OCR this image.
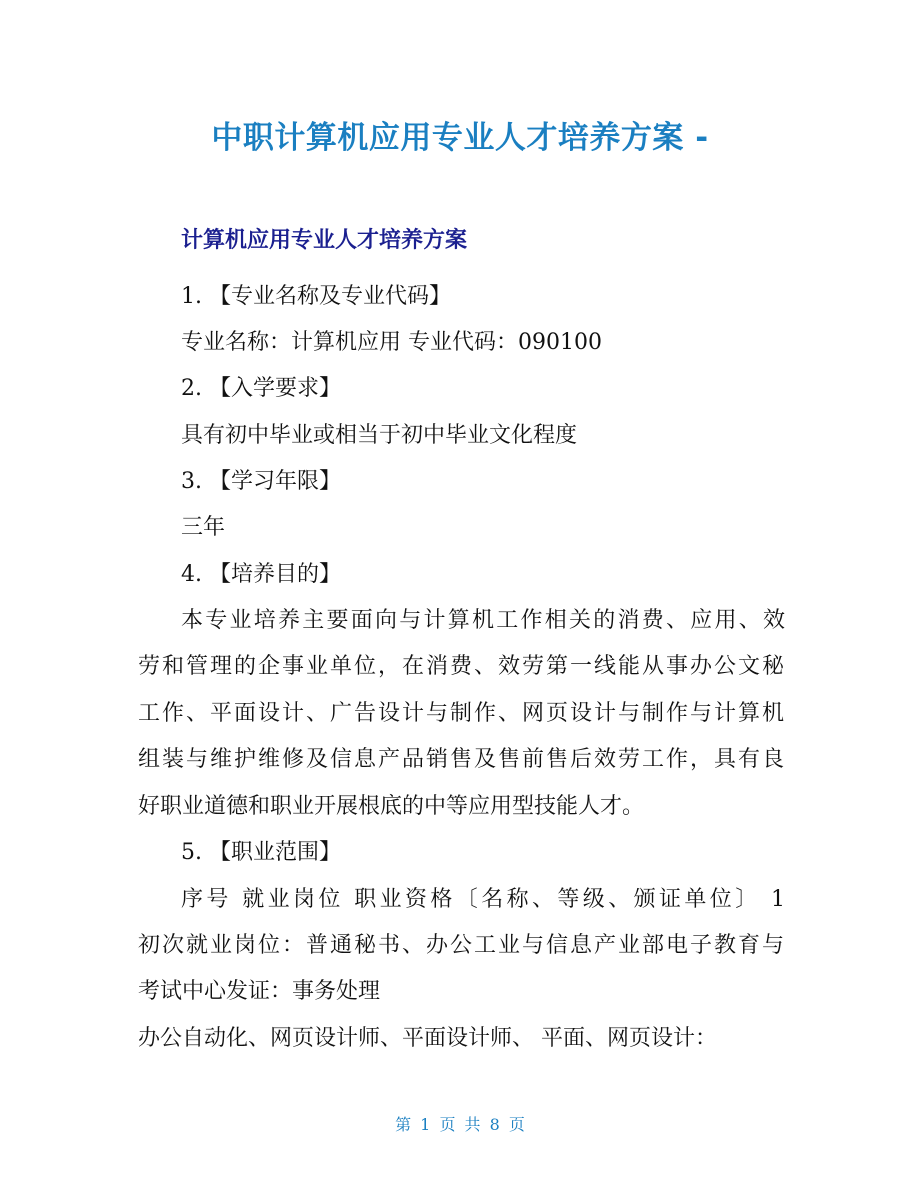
中职计算机应用专业人才培养方案 -
计算机应用专业人才培养方案
1. 【专业名称及专业代码】
专业名称：计算机应用 专业代码：090100
2. 【入学要求】
具有初中毕业或相当于初中毕业文化程度
3. 【学习年限】
三年
4. 【培养目的】
本专业培养主要面向与计算机工作相关的消费、应用、效
劳和管理的企事业单位，在消费、效劳第一线能从事办公文秘
工作、平面设计、广告设计与制作、网页设计与制作与计算机
组装与维护维修及信息产品销售及售前售后效劳工作，具有良
好职业道德和职业开展根底的中等应用型技能人才。
5. 【职业范围】
序号 就业岗位 职业资格〔名称、等级、颁证单位〕 1
初次就业岗位：普通秘书、办公工业与信息产业部电子教育与
考试中心发证：事务处理
办公自动化、网页设计师、平面设计师、 平面、网页设计：
第 1 页 共 8 页
